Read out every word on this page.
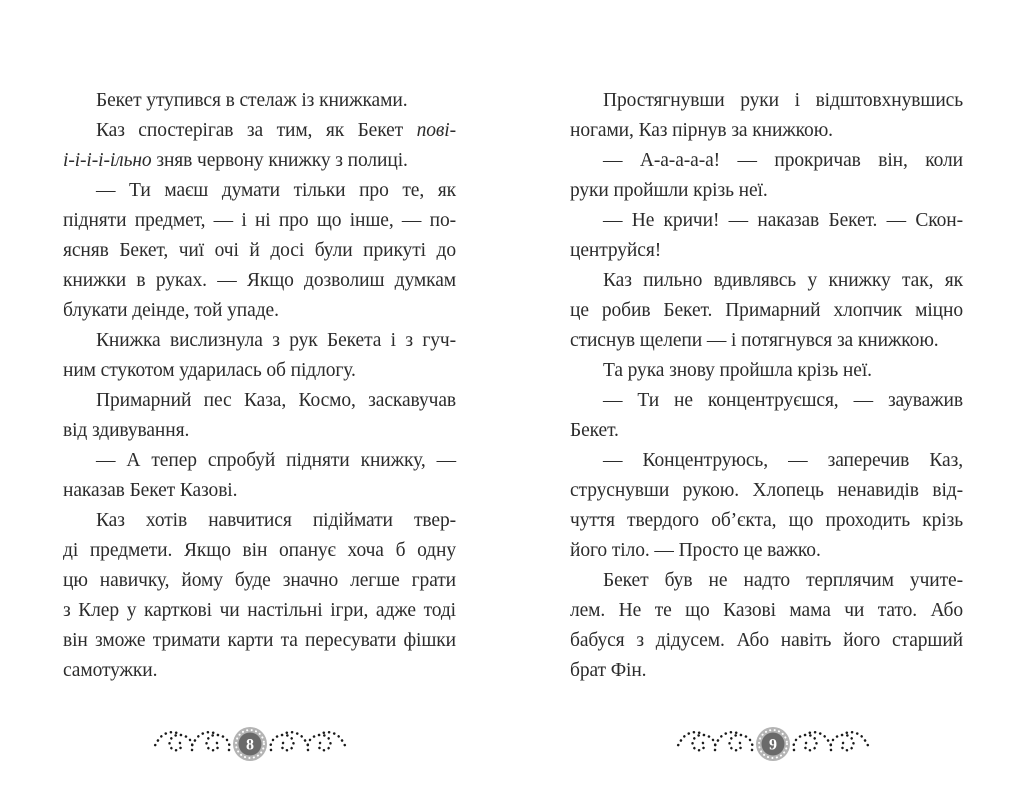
Бекет утупився в стелаж із книжками.
Каз спостерігав за тим, як Бекет пові-
і-і-і-і-ільно зняв червону книжку з полиці.
— Ти маєш думати тільки про те, як
підняти предмет, — і ні про що інше, — по-
ясняв Бекет, чиї очі й досі були прикуті до
книжки в руках. — Якщо дозволиш думкам
блукати деінде, той упаде.
Книжка вислизнула з рук Бекета і з гуч-
ним стукотом ударилась об підлогу.
Примарний пес Каза, Космо, заскавучав
від здивування.
— А тепер спробуй підняти книжку, —
наказав Бекет Казові.
Каз хотів навчитися підіймати твер-
ді предмети. Якщо він опанує хоча б одну
цю навичку, йому буде значно легше грати
з Клер у карткові чи настільні ігри, адже тоді
він зможе тримати карти та пересувати фішки
самотужки.
Простягнувши руки і відштовхнувшись
ногами, Каз пірнув за книжкою.
— А-а-а-а-а! — прокричав він, коли
руки пройшли крізь неї.
— Не кричи! — наказав Бекет. — Скон-
центруйся!
Каз пильно вдивлявсь у книжку так, як
це робив Бекет. Примарний хлопчик міцно
стиснув щелепи — і потягнувся за книжкою.
Та рука знову пройшла крізь неї.
— Ти не концентруєшся, — зауважив
Бекет.
— Концентруюсь, — заперечив Каз,
струснувши рукою. Хлопець ненавидів від-
чуття твердого об’єкта, що проходить крізь
його тіло. — Просто це важко.
Бекет був не надто терплячим учите-
лем. Не те що Казові мама чи тато. Або
бабуся з дідусем. Або навіть його старший
брат Фін.
8	9
